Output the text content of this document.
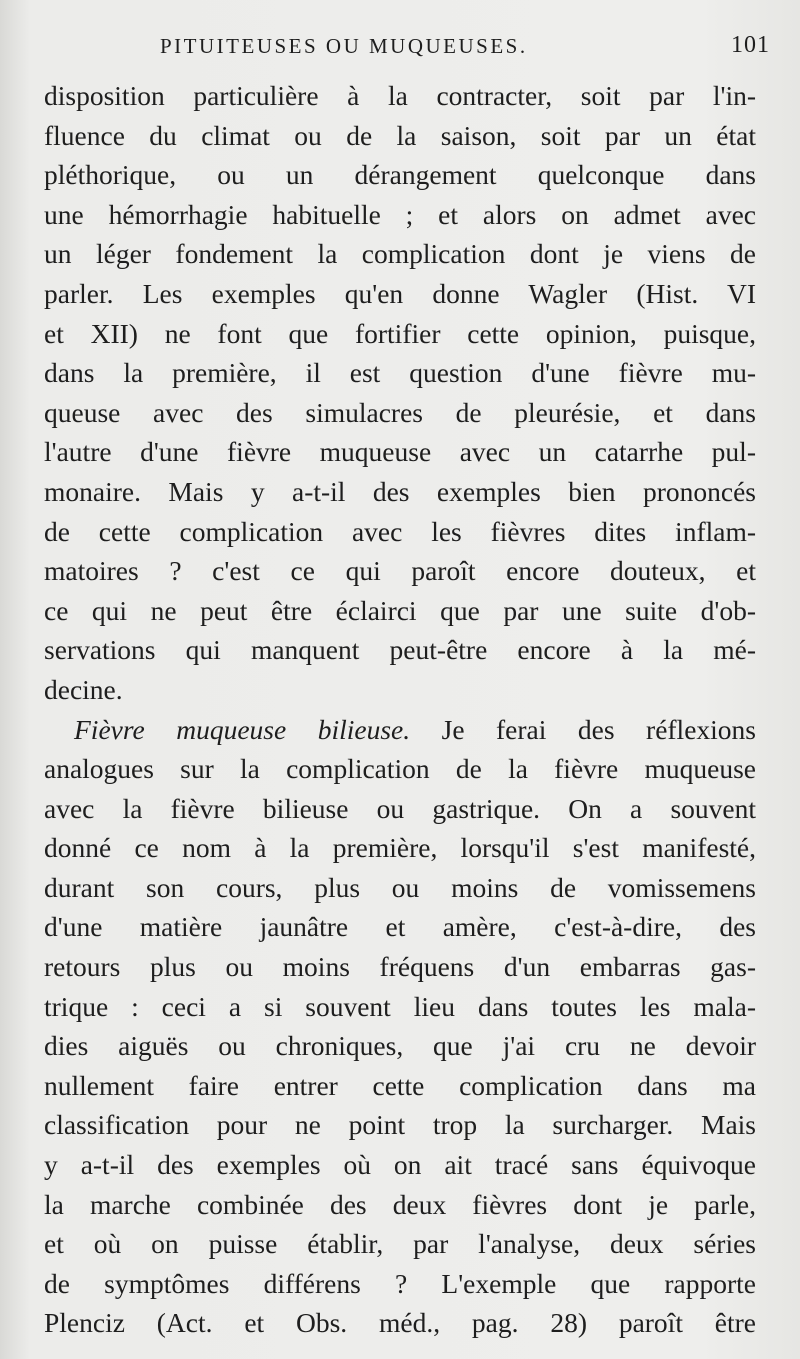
PITUITEUSES OU MUQUEUSES.	101
disposition particulière à la contracter, soit par l'in-
fluence du climat ou de la saison, soit par un état
pléthorique, ou un dérangement quelconque dans
une hémorrhagie habituelle ; et alors on admet avec
un léger fondement la complication dont je viens de
parler. Les exemples qu'en donne Wagler (Hist. VI
et XII) ne font que fortifier cette opinion, puisque,
dans la première, il est question d'une fièvre mu-
queuse avec des simulacres de pleurésie, et dans
l'autre d'une fièvre muqueuse avec un catarrhe pul-
monaire. Mais y a-t-il des exemples bien prononcés
de cette complication avec les fièvres dites inflam-
matoires ? c'est ce qui paroît encore douteux, et
ce qui ne peut être éclairci que par une suite d'ob-
servations qui manquent peut-être encore à la mé-
decine.
Fièvre muqueuse bilieuse. Je ferai des réflexions
analogues sur la complication de la fièvre muqueuse
avec la fièvre bilieuse ou gastrique. On a souvent
donné ce nom à la première, lorsqu'il s'est manifesté,
durant son cours, plus ou moins de vomissemens
d'une matière jaunâtre et amère, c'est-à-dire, des
retours plus ou moins fréquens d'un embarras gas-
trique : ceci a si souvent lieu dans toutes les mala-
dies aiguës ou chroniques, que j'ai cru ne devoir
nullement faire entrer cette complication dans ma
classification pour ne point trop la surcharger. Mais
y a-t-il des exemples où on ait tracé sans équivoque
la marche combinée des deux fièvres dont je parle,
et où on puisse établir, par l'analyse, deux séries
de symptômes différens ? L'exemple que rapporte
Plenciz (Act. et Obs. méd., pag. 28) paroît être
